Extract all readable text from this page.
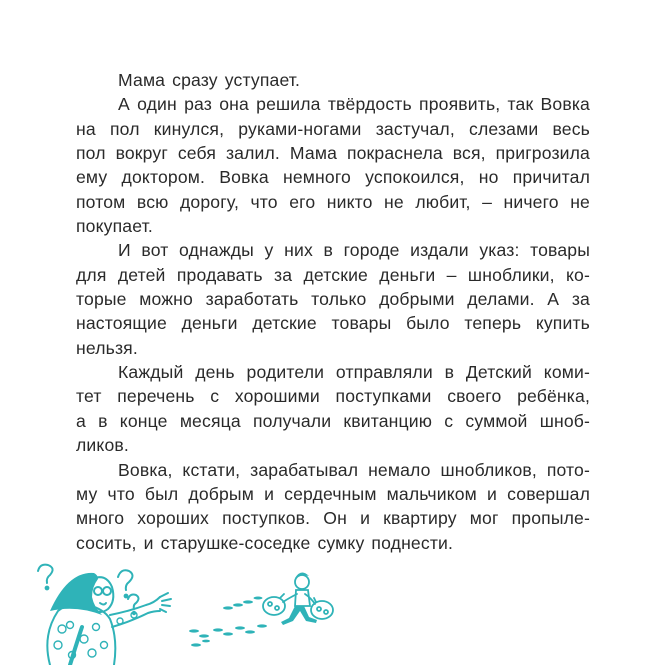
Мама сразу уступает.

А один раз она решила твёрдость проявить, так Вовка
на пол кинулся, руками-ногами застучал, слезами весь
пол вокруг себя залил. Мама покраснела вся, пригрозила
ему доктором. Вовка немного успокоился, но причитал
потом всю дорогу, что его никто не любит, – ничего не
покупает.

И вот однажды у них в городе издали указ: товары
для детей продавать за детские деньги – шноблики, ко-
торые можно заработать только добрыми делами. А за
настоящие деньги детские товары было теперь купить
нельзя.

Каждый день родители отправляли в Детский коми-
тет перечень с хорошими поступками своего ребёнка,
а в конце месяца получали квитанцию с суммой шноб-
ликов.

Вовка, кстати, зарабатывал немало шнобликов, пото-
му что был добрым и сердечным мальчиком и совершал
много хороших поступков. Он и квартиру мог пропыле-
сосить, и старушке-соседке сумку поднести.
